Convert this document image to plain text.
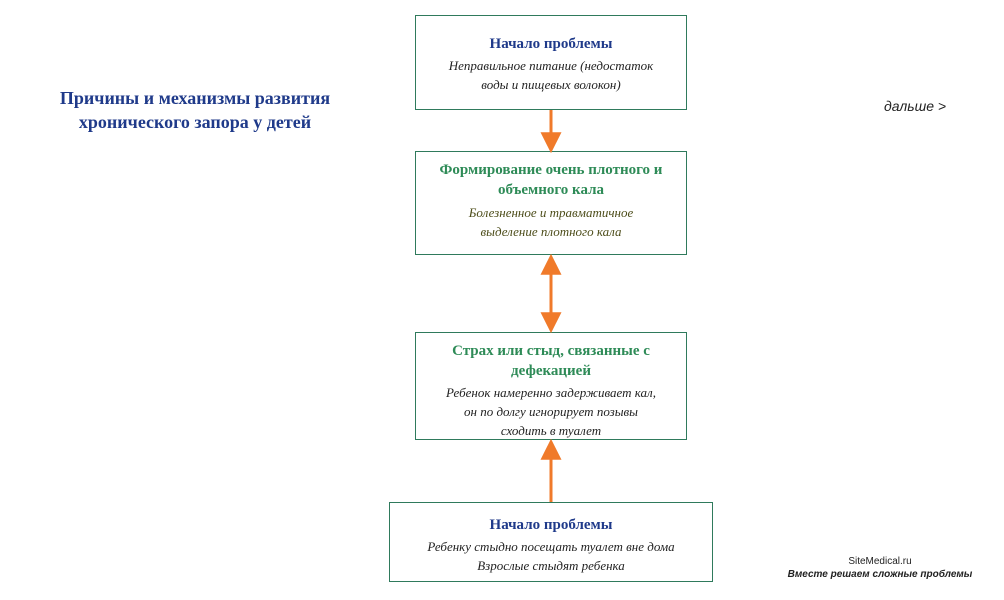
Причины и механизмы развития
хронического запора у детей
дальше >
Начало проблемы
Неправильное питание (недостаток
воды и пищевых волокон)
Формирование очень плотного и
объемного кала
Болезненное и травматичное
выделение плотного кала
Страх или стыд, связанные с
дефекацией
Ребенок намеренно задерживает кал,
он по долгу игнорирует позывы
сходить в туалет
Начало проблемы
Ребенку стыдно посещать туалет вне дома
Взрослые стыдят ребенка	SiteMedical.ru
Вместе решаем сложные проблемы
